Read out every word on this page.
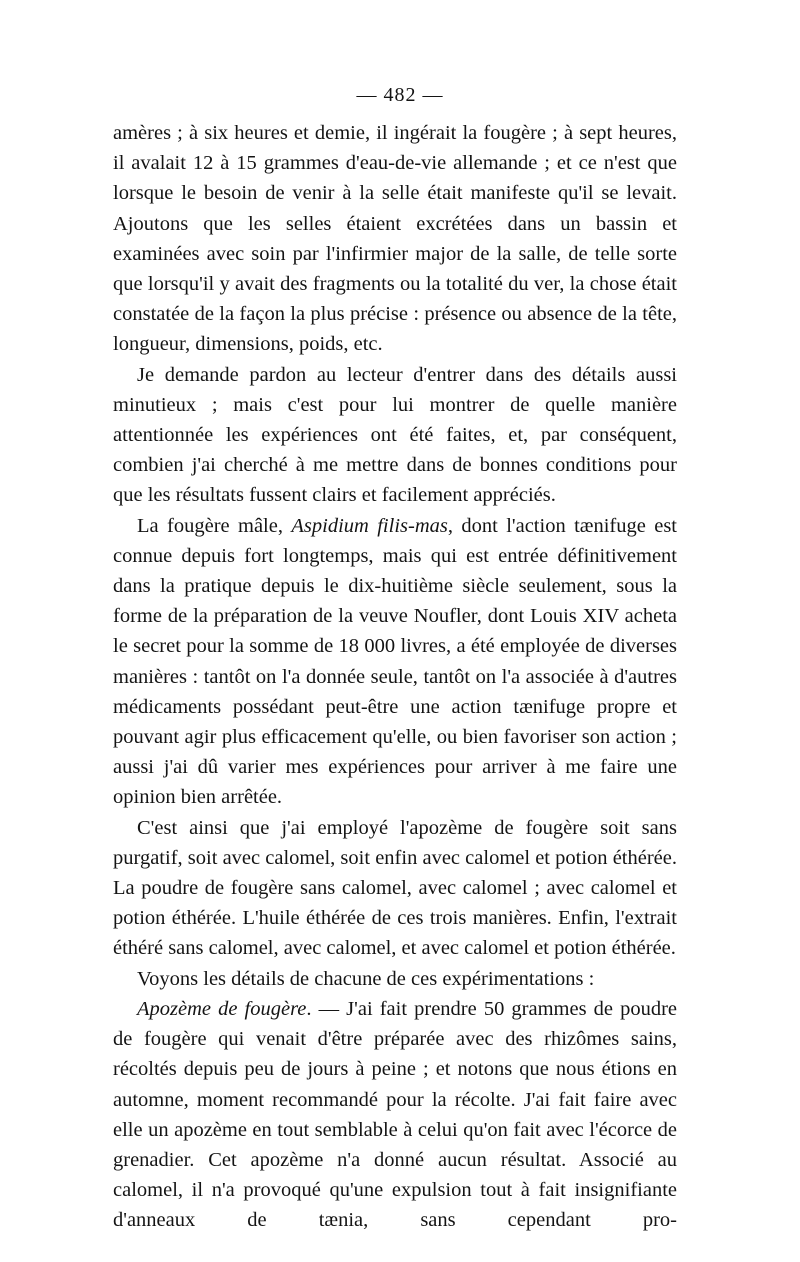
— 482 —

amères ; à six heures et demie, il ingérait la fougère ; à sept heures, il avalait 12 à 15 grammes d'eau-de-vie allemande ; et ce n'est que lorsque le besoin de venir à la selle était manifeste qu'il se levait. Ajoutons que les selles étaient excrétées dans un bassin et examinées avec soin par l'infirmier major de la salle, de telle sorte que lorsqu'il y avait des fragments ou la totalité du ver, la chose était constatée de la façon la plus précise : présence ou absence de la tête, longueur, dimensions, poids, etc.

Je demande pardon au lecteur d'entrer dans des détails aussi minutieux ; mais c'est pour lui montrer de quelle manière attentionnée les expériences ont été faites, et, par conséquent, combien j'ai cherché à me mettre dans de bonnes conditions pour que les résultats fussent clairs et facilement appréciés.

La fougère mâle, Aspidium filis-mas, dont l'action tænifuge est connue depuis fort longtemps, mais qui est entrée définitivement dans la pratique depuis le dix-huitième siècle seulement, sous la forme de la préparation de la veuve Noufler, dont Louis XIV acheta le secret pour la somme de 18 000 livres, a été employée de diverses manières : tantôt on l'a donnée seule, tantôt on l'a associée à d'autres médicaments possédant peut-être une action tænifuge propre et pouvant agir plus efficacement qu'elle, ou bien favoriser son action ; aussi j'ai dû varier mes expériences pour arriver à me faire une opinion bien arrêtée.

C'est ainsi que j'ai employé l'apozème de fougère soit sans purgatif, soit avec calomel, soit enfin avec calomel et potion éthérée. La poudre de fougère sans calomel, avec calomel ; avec calomel et potion éthérée. L'huile éthérée de ces trois manières. Enfin, l'extrait éthéré sans calomel, avec calomel, et avec calomel et potion éthérée.

Voyons les détails de chacune de ces expérimentations :

Apozème de fougère. — J'ai fait prendre 50 grammes de poudre de fougère qui venait d'être préparée avec des rhizômes sains, récoltés depuis peu de jours à peine ; et notons que nous étions en automne, moment recommandé pour la récolte. J'ai fait faire avec elle un apozème en tout semblable à celui qu'on fait avec l'écorce de grenadier. Cet apozème n'a donné aucun résultat. Associé au calomel, il n'a provoqué qu'une expulsion tout à fait insignifiante d'anneaux de tænia, sans cependant pro-
